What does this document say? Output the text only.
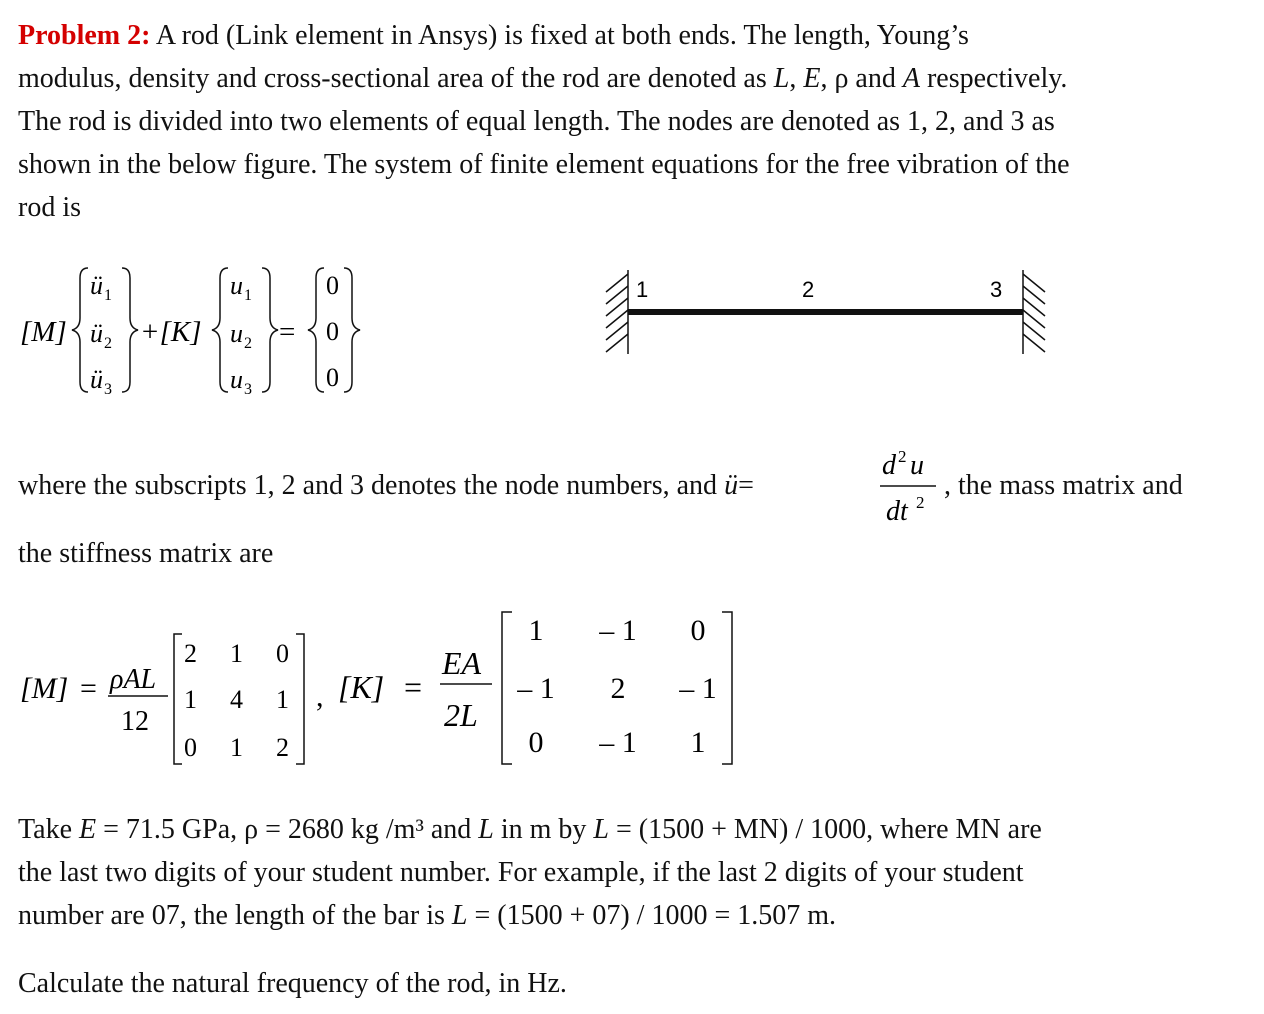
Problem 2: A rod (Link element in Ansys) is fixed at both ends. The length, Young’s
modulus, density and cross-sectional area of the rod are denoted as L, E, ρ and A respectively.
The rod is divided into two elements of equal length. The nodes are denoted as 1, 2, and 3 as
shown in the below figure. The system of finite element equations for the free vibration of the
rod is
[M]	+[K]	=
ü 1
ü 2
ü 3
u 1
u 2
u 3
0
0
0
1	2	3
where the subscripts 1, 2 and 3 denotes the node numbers, and ü=
d 2 u
dt 2
, the mass matrix and
the stiffness matrix are
[M] = ρAL
12
2 1 0
1 4 1
0 1 2
, [K] =
EA
2L
1 – 1 0
– 1 2 – 1
0 – 1 1
Take E = 71.5 GPa, ρ = 2680 kg /m³ and L in m by L = (1500 + MN) / 1000, where MN are
the last two digits of your student number. For example, if the last 2 digits of your student
number are 07, the length of the bar is L = (1500 + 07) / 1000 = 1.507 m.
Calculate the natural frequency of the rod, in Hz.
